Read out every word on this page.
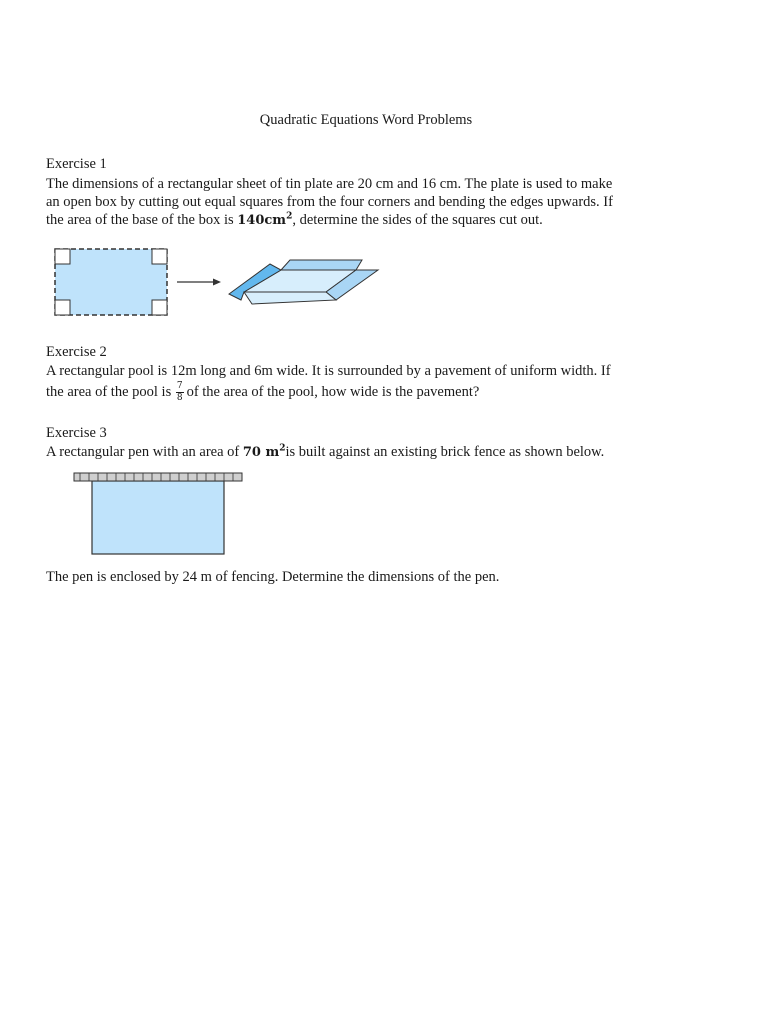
Quadratic Equations Word Problems
Exercise 1
The dimensions of a rectangular sheet of tin plate are 20 cm and 16 cm. The plate is used to make
an open box by cutting out equal squares from the four corners and bending the edges upwards. If
the area of the base of the box is $140cm^2$, determine the sides of the squares cut out.
Exercise 2
A rectangular pool is 12m long and 6m wide. It is surrounded by a pavement of uniform width. If
the area of the pool is $\frac{7}{8}$ of the area of the pool, how wide is the pavement?
Exercise 3
A rectangular pen with an area of 70 $m^2is$ built against an existing brick fence as shown below.
The pen is enclosed by 24 m of fencing. Determine the dimensions of the pen.
